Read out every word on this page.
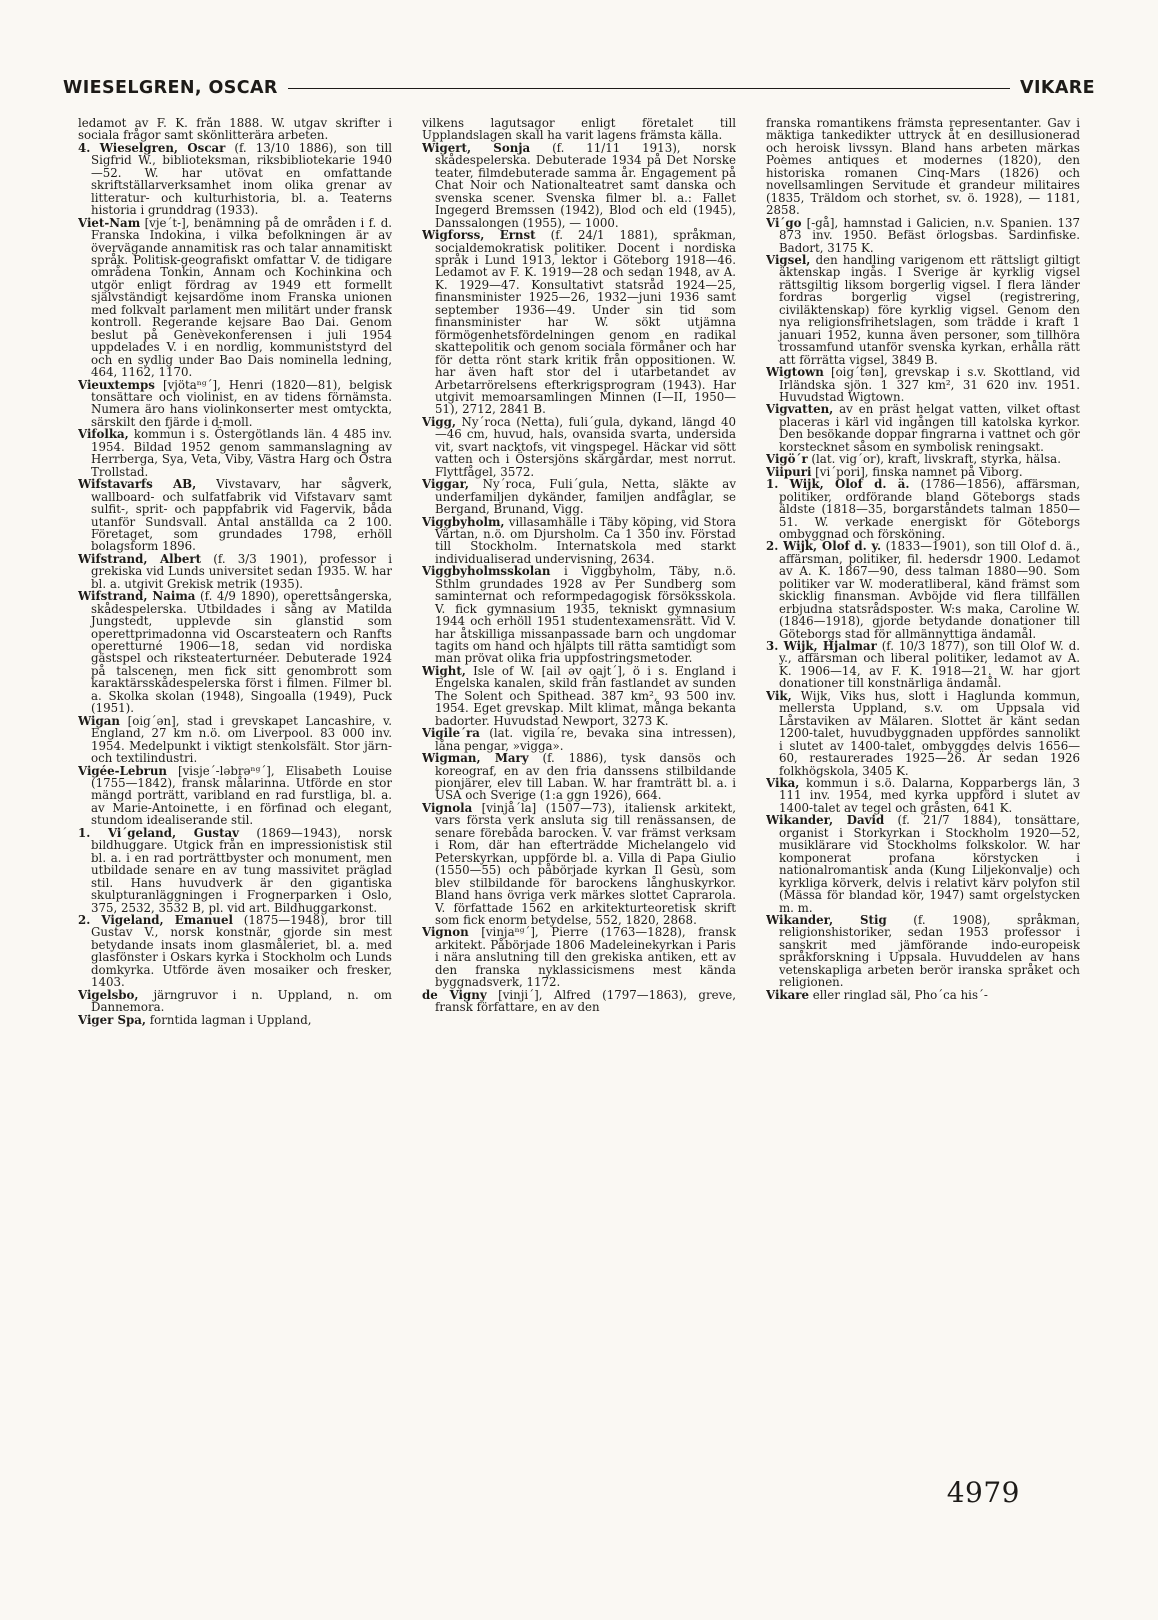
WIESELGREN, OSCAR	VIKARE

ledamot av F. K. från 1888. W. utgav skrifter i sociala frågor samt skönlitterära arbeten.

4. Wieselgren, Oscar (f. 13/10 1886), son till Sigfrid W., biblioteksman, riksbibliotekarie 1940—52. W. har utövat en omfattande skriftställarverksamhet inom olika grenar av litteratur- och kulturhistoria, bl. a. Teaterns historia i grunddrag (1933).

Viet-Nam [vje´t-], benämning på de områden i f. d. Franska Indokina, i vilka befolkningen är av övervägande annamitisk ras och talar annamitiskt språk. Politisk-geografiskt omfattar V. de tidigare områdena Tonkin, Annam och Kochinkina och utgör enligt fördrag av 1949 ett formellt självständigt kejsardöme inom Franska unionen med folkvalt parlament men militärt under fransk kontroll. Regerande kejsare Bao Dai. Genom beslut på Genèvekonferensen i juli 1954 uppdelades V. i en nordlig, kommuniststyrd del och en sydlig under Bao Dais nominella ledning, 464, 1162, 1170.

Vieuxtemps [vjötaⁿᵍ´], Henri (1820—81), belgisk tonsättare och violinist, en av tidens förnämsta. Numera äro hans violinkonserter mest omtyckta, särskilt den fjärde i d-moll.

Vifolka, kommun i s. Östergötlands län. 4 485 inv. 1954. Bildad 1952 genom sammanslagning av Herrberga, Sya, Veta, Viby, Västra Harg och Östra Trollstad.

Wifstavarfs AB, Vivstavarv, har sågverk, wallboard- och sulfatfabrik vid Vifstavarv samt sulfit-, sprit- och pappfabrik vid Fagervik, båda utanför Sundsvall. Antal anställda ca 2 100. Företaget, som grundades 1798, erhöll bolagsform 1896.

Wifstrand, Albert (f. 3/3 1901), professor i grekiska vid Lunds universitet sedan 1935. W. har bl. a. utgivit Grekisk metrik (1935).

Wifstrand, Naima (f. 4/9 1890), operettsångerska, skådespelerska. Utbildades i sång av Matilda Jungstedt, upplevde sin glanstid som operettprimadonna vid Oscarsteatern och Ranfts operetturné 1906—18, sedan vid nordiska gästspel och riksteaterturnéer. Debuterade 1924 på talscenen, men fick sitt genombrott som karaktärsskådespelerska först i filmen. Filmer bl. a. Skolka skolan (1948), Singoalla (1949), Puck (1951).

Wigan [oig´ən], stad i grevskapet Lancashire, v. England, 27 km n.ö. om Liverpool. 83 000 inv. 1954. Medelpunkt i viktigt stenkolsfält. Stor järn- och textilindustri.

Vigée-Lebrun [visje´-ləbrəⁿᵍ´], Elisabeth Louise (1755—1842), fransk målarinna. Utförde en stor mängd porträtt, varibland en rad furstliga, bl. a. av Marie-Antoinette, i en förfinad och elegant, stundom idealiserande stil.

1. Vi´geland, Gustav (1869—1943), norsk bildhuggare. Utgick från en impressionistisk stil bl. a. i en rad porträttbyster och monument, men utbildade senare en av tung massivitet präglad stil. Hans huvudverk är den gigantiska skulpturanläggningen i Frognerparken i Oslo, 375, 2532, 3532 B, pl. vid art. Bildhuggarkonst.

2. Vigeland, Emanuel (1875—1948), bror till Gustav V., norsk konstnär, gjorde sin mest betydande insats inom glasmåleriet, bl. a. med glasfönster i Oskars kyrka i Stockholm och Lunds domkyrka. Utförde även mosaiker och fresker, 1403.

Vigelsbo, järngruvor i n. Uppland, n. om Dannemora.

Viger Spa, forntida lagman i Uppland,

vilkens lagutsagor enligt företalet till Upplandslagen skall ha varit lagens främsta källa.

Wigert, Sonja (f. 11/11 1913), norsk skådespelerska. Debuterade 1934 på Det Norske teater, filmdebuterade samma år. Engagement på Chat Noir och Nationalteatret samt danska och svenska scener. Svenska filmer bl. a.: Fallet Ingegerd Bremssen (1942), Blod och eld (1945), Danssalongen (1955), — 1000.

Wigforss, Ernst (f. 24/1 1881), språkman, socialdemokratisk politiker. Docent i nordiska språk i Lund 1913, lektor i Göteborg 1918—46. Ledamot av F. K. 1919—28 och sedan 1948, av A. K. 1929—47. Konsultativt statsråd 1924—25, finansminister 1925—26, 1932—juni 1936 samt september 1936—49. Under sin tid som finansminister har W. sökt utjämna förmögenhetsfördelningen genom en radikal skattepolitik och genom sociala förmåner och har för detta rönt stark kritik från oppositionen. W. har även haft stor del i utarbetandet av Arbetarrörelsens efterkrigsprogram (1943). Har utgivit memoarsamlingen Minnen (I—II, 1950—51), 2712, 2841 B.

Vigg, Ny´roca (Netta), fuli´gula, dykand, längd 40—46 cm, huvud, hals, ovansida svarta, undersida vit, svart nacktofs, vit vingspegel. Häckar vid sött vatten och i Östersjöns skärgårdar, mest norrut. Flyttfågel, 3572.

Viggar, Ny´roca, Fuli´gula, Netta, släkte av underfamiljen dykänder, familjen andfåglar, se Bergand, Brunand, Vigg.

Viggbyholm, villasamhälle i Täby köping, vid Stora Värtan, n.ö. om Djursholm. Ca 1 350 inv. Förstad till Stockholm. Internatskola med starkt individualiserad undervisning, 2634.

Viggbyholmsskolan i Viggbyholm, Täby, n.ö. Sthlm grundades 1928 av Per Sundberg som saminternat och reformpedagogisk försöksskola. V. fick gymnasium 1935, tekniskt gymnasium 1944 och erhöll 1951 studentexamensrätt. Vid V. har åtskilliga missanpassade barn och ungdomar tagits om hand och hjälpts till rätta samtidigt som man prövat olika fria uppfostringsmetoder.

Wight, Isle of W. [ail əv oajt´], ö i s. England i Engelska kanalen, skild från fastlandet av sunden The Solent och Spithead. 387 km², 93 500 inv. 1954. Eget grevskap. Milt klimat, många bekanta badorter. Huvudstad Newport, 3273 K.

Vigile´ra (lat. vigila´re, bevaka sina intressen), låna pengar, »vigga».

Wigman, Mary (f. 1886), tysk dansös och koreograf, en av den fria danssens stilbildande pionjärer, elev till Laban. W. har framträtt bl. a. i USA och Sverige (1:a ggn 1926), 664.

Vignola [vinjå´la] (1507—73), italiensk arkitekt, vars första verk ansluta sig till renässansen, de senare förebåda barocken. V. var främst verksam i Rom, där han efterträdde Michelangelo vid Peterskyrkan, uppförde bl. a. Villa di Papa Giulio (1550—55) och påbörjade kyrkan Il Gesù, som blev stilbildande för barockens långhuskyrkor. Bland hans övriga verk märkes slottet Caprarola. V. författade 1562 en arkitekturteoretisk skrift som fick enorm betydelse, 552, 1820, 2868.

Vignon [vinjaⁿᵍ´], Pierre (1763—1828), fransk arkitekt. Påbörjade 1806 Madeleinekyrkan i Paris i nära anslutning till den grekiska antiken, ett av den franska nyklassicismens mest kända byggnadsverk, 1172.

de Vigny [vinji´], Alfred (1797—1863), greve, fransk författare, en av den

franska romantikens främsta representanter. Gav i mäktiga tankedikter uttryck åt en desillusionerad och heroisk livssyn. Bland hans arbeten märkas Poèmes antiques et modernes (1820), den historiska romanen Cinq-Mars (1826) och novellsamlingen Servitude et grandeur militaires (1835, Träldom och storhet, sv. ö. 1928), — 1181, 2858.

Vi´go [-gå], hamnstad i Galicien, n.v. Spanien. 137 873 inv. 1950. Befäst örlogsbas. Sardinfiske. Badort, 3175 K.

Vigsel, den handling varigenom ett rättsligt giltigt äktenskap ingås. I Sverige är kyrklig vigsel rättsgiltig liksom borgerlig vigsel. I flera länder fordras borgerlig vigsel (registrering, civiläktenskap) före kyrklig vigsel. Genom den nya religionsfrihetslagen, som trädde i kraft 1 januari 1952, kunna även personer, som tillhöra trossamfund utanför svenska kyrkan, erhålla rätt att förrätta vigsel, 3849 B.

Wigtown [oig´tən], grevskap i s.v. Skottland, vid Irländska sjön. 1 327 km², 31 620 inv. 1951. Huvudstad Wigtown.

Vigvatten, av en präst helgat vatten, vilket oftast placeras i kärl vid ingången till katolska kyrkor. Den besökande doppar fingrarna i vattnet och gör korstecknet såsom en symbolisk reningsakt.

Vigö´r (lat. vig´or), kraft, livskraft, styrka, hälsa.

Viipuri [vi´pori], finska namnet på Viborg.

1. Wijk, Olof d. ä. (1786—1856), affärsman, politiker, ordförande bland Göteborgs stads äldste (1818—35, borgarståndets talman 1850—51. W. verkade energiskt för Göteborgs ombyggnad och försköning.

2. Wijk, Olof d. y. (1833—1901), son till Olof d. ä., affärsman, politiker, fil. hedersdr 1900. Ledamot av A. K. 1867—90, dess talman 1880—90. Som politiker var W. moderatliberal, känd främst som skicklig finansman. Avböjde vid flera tillfällen erbjudna statsrådsposter. W:s maka, Caroline W. (1846—1918), gjorde betydande donationer till Göteborgs stad för allmännyttiga ändamål.

3. Wijk, Hjalmar (f. 10/3 1877), son till Olof W. d. y., affärsman och liberal politiker, ledamot av A. K. 1906—14, av F. K. 1918—21. W. har gjort donationer till konstnärliga ändamål.

Vik, Wijk, Viks hus, slott i Haglunda kommun, mellersta Uppland, s.v. om Uppsala vid Lårstaviken av Mälaren. Slottet är känt sedan 1200-talet, huvudbyggnaden uppfördes sannolikt i slutet av 1400-talet, ombyggdes delvis 1656—60, restaurerades 1925—26. Är sedan 1926 folkhögskola, 3405 K.

Vika, kommun i s.ö. Dalarna, Kopparbergs län, 3 111 inv. 1954, med kyrka uppförd i slutet av 1400-talet av tegel och gråsten, 641 K.

Wikander, David (f. 21/7 1884), tonsättare, organist i Storkyrkan i Stockholm 1920—52, musiklärare vid Stockholms folkskolor. W. har komponerat profana körstycken i nationalromantisk anda (Kung Liljekonvalje) och kyrkliga körverk, delvis i relativt kärv polyfon stil (Mässa för blandad kör, 1947) samt orgelstycken m. m.

Wikander, Stig (f. 1908), språkman, religionshistoriker, sedan 1953 professor i sanskrit med jämförande indo-europeisk språkforskning i Uppsala. Huvuddelen av hans vetenskapliga arbeten berör iranska språket och religionen.

Vikare eller ringlad säl, Pho´ca his´-

4979
